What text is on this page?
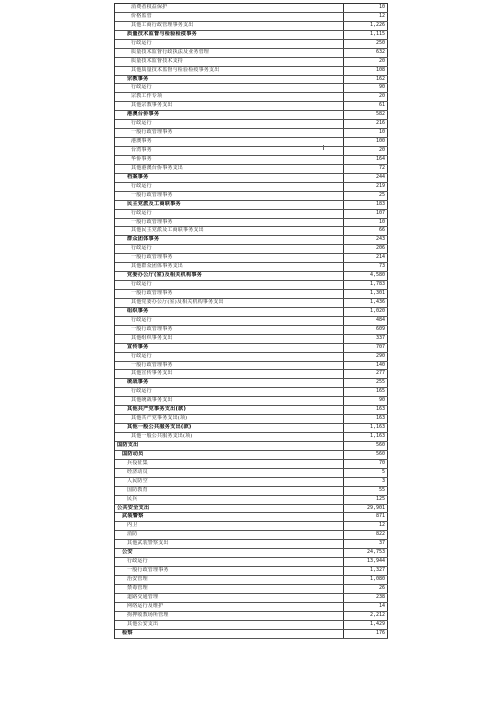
消费者权益保护	10
价格监管	12
其他工商行政管理事务支出	1,226
质量技术监督与检验检疫事务	1,115
行政运行	250
质量技术监督行政执法及业务管理	632
质量技术监督技术支持	20
其他质量技术监督与检验检疫事务支出	108
宗教事务	162
行政运行	90
宗教工作专项	20
其他宗教事务支出	61
港澳台侨事务	582
行政运行	216
一般行政管理事务	10
港澳事务	100
台湾事务	20
华侨事务	164
其他港澳台侨事务支出	72
档案事务	244
行政运行	219
一般行政管理事务	25
民主党派及工商联事务	183
行政运行	107
一般行政管理事务	10
其他民主党派及工商联事务支出	66
群众团体事务	243
行政运行	206
一般行政管理事务	214
其他群众团体事务支出	73
党委办公厅(室)及相关机构事务	4,580
行政运行	1,783
一般行政管理事务	1,301
其他党委办公厅(室)及相关机构事务支出	1,436
组织事务	1,020
行政运行	484
一般行政管理事务	609
其他组织事务支出	337
宣传事务	707
行政运行	290
一般行政管理事务	140
其他宣传事务支出	277
统战事务	255
行政运行	165
其他统战事务支出	90
其他共产党事务支出(款)	163
其他共产党事务支出(项)	163
其他一般公共服务支出(款)	1,163
其他一般公共服务支出(项)	1,163
国防支出	560
国防动员	560
兵役征集	70
经济动员	5
人民防空	3
国防教育	55
民兵	125
公共安全支出	29,901
武装警察	871
内卫	12
消防	822
其他武装警察支出	37
公安	24,753
行政运行	13,944
一般行政管理事务	1,327
治安管理	1,080
禁毒管理	26
道路交通管理	238
网络运行及维护	14
拘押收教场所管理	2,212
其他公安支出	1,429
检察	176
